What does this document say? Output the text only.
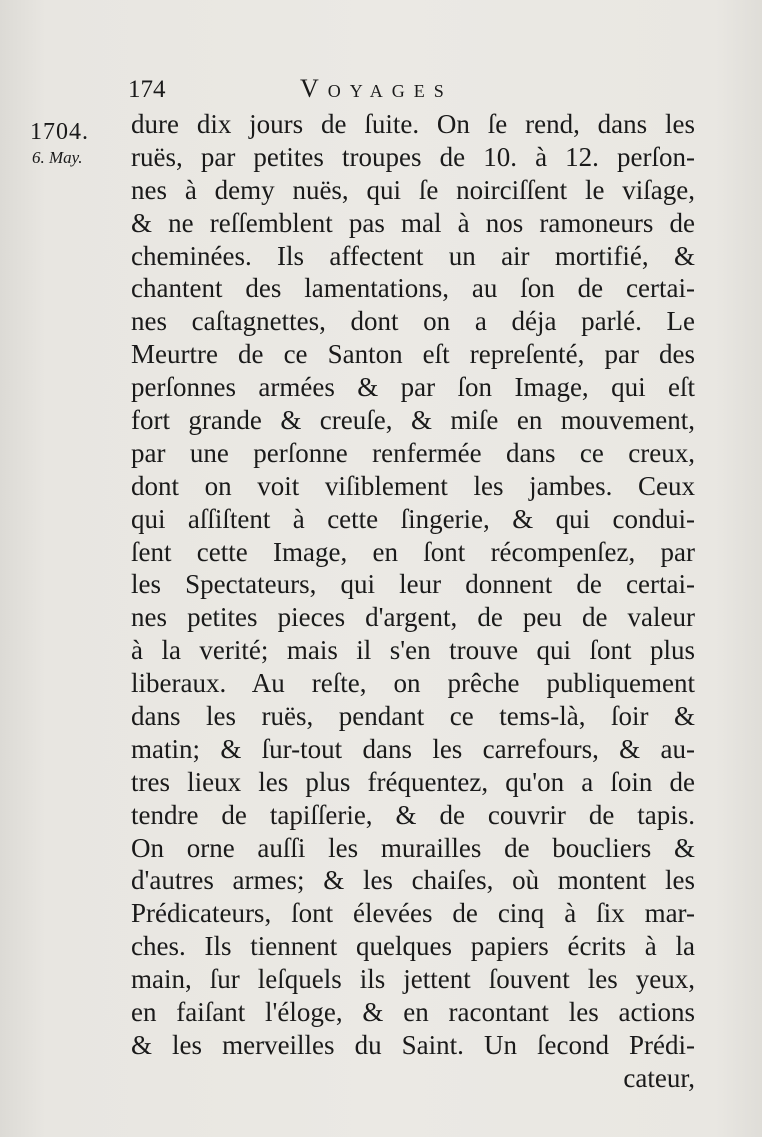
174	Voyages
1704.
6. May.
dure dix jours de ſuite. On ſe rend, dans les
ruës, par petites troupes de 10. à 12. perſon-
nes à demy nuës, qui ſe noirciſſent le viſage,
& ne reſſemblent pas mal à nos ramoneurs de
cheminées. Ils affectent un air mortifié, &
chantent des lamentations, au ſon de certai-
nes caſtagnettes, dont on a déja parlé. Le
Meurtre de ce Santon eſt repreſenté, par des
perſonnes armées & par ſon Image, qui eſt
fort grande & creuſe, & miſe en mouvement,
par une perſonne renfermée dans ce creux,
dont on voit viſiblement les jambes. Ceux
qui aſſiſtent à cette ſingerie, & qui condui-
ſent cette Image, en ſont récompenſez, par
les Spectateurs, qui leur donnent de certai-
nes petites pieces d'argent, de peu de valeur
à la verité; mais il s'en trouve qui ſont plus
liberaux. Au reſte, on prêche publiquement
dans les ruës, pendant ce tems-là, ſoir &
matin; & ſur-tout dans les carrefours, & au-
tres lieux les plus fréquentez, qu'on a ſoin de
tendre de tapiſſerie, & de couvrir de tapis.
On orne auſſi les murailles de boucliers &
d'autres armes; & les chaiſes, où montent les
Prédicateurs, ſont élevées de cinq à ſix mar-
ches. Ils tiennent quelques papiers écrits à la
main, ſur leſquels ils jettent ſouvent les yeux,
en faiſant l'éloge, & en racontant les actions
& les merveilles du Saint. Un ſecond Prédi-
cateur,
